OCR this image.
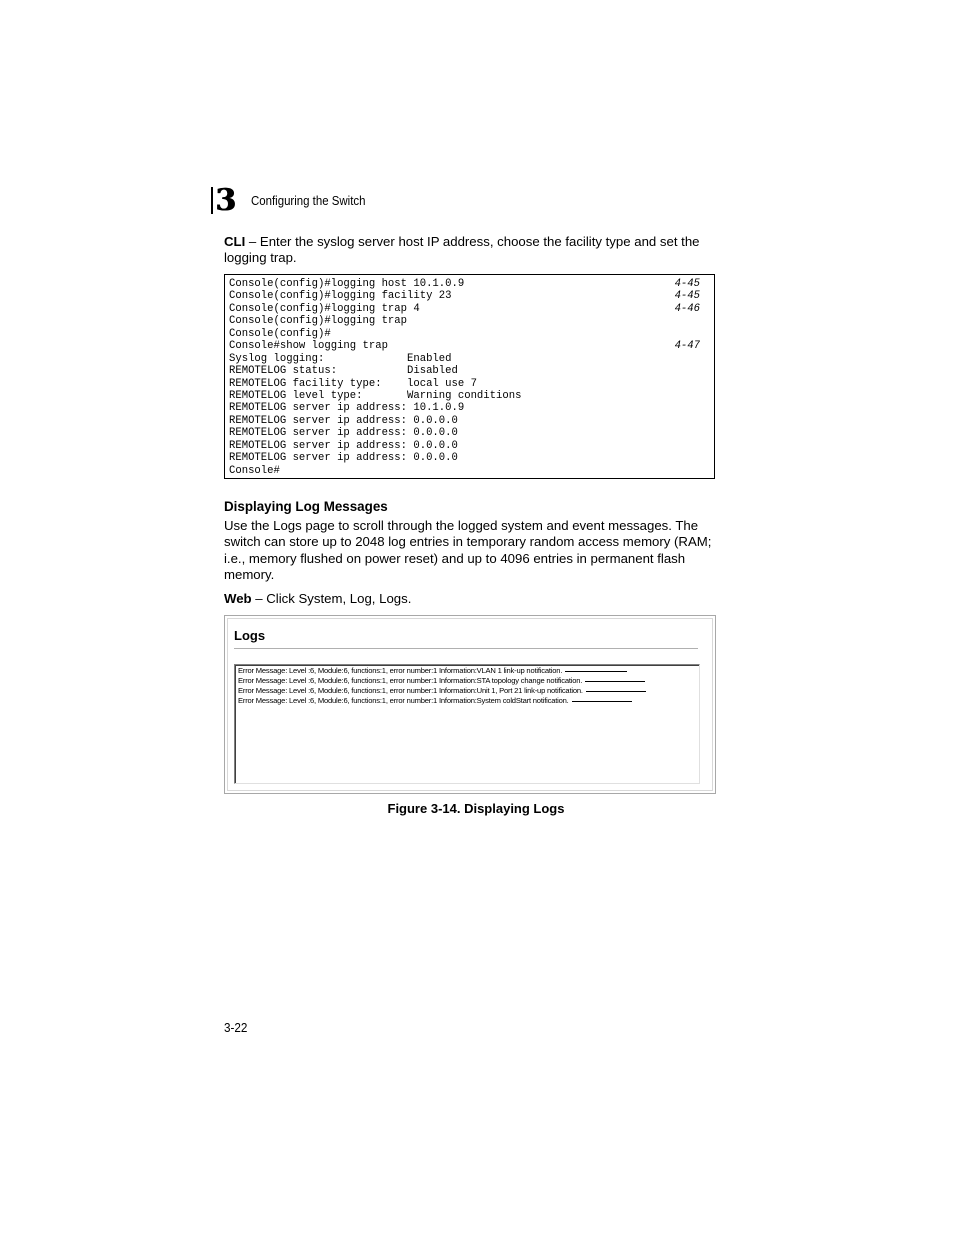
3 Configuring the Switch
CLI – Enter the syslog server host IP address, choose the facility type and set the logging trap.
Console(config)#logging host 10.1.0.9	4-45
Console(config)#logging facility 23	4-45
Console(config)#logging trap 4	4-46
Console(config)#logging trap
Console(config)#
Console#show logging trap	4-47
Syslog logging:             Enabled
REMOTELOG status:           Disabled
REMOTELOG facility type:    local use 7
REMOTELOG level type:       Warning conditions
REMOTELOG server ip address: 10.1.0.9
REMOTELOG server ip address: 0.0.0.0
REMOTELOG server ip address: 0.0.0.0
REMOTELOG server ip address: 0.0.0.0
REMOTELOG server ip address: 0.0.0.0
Console#
Displaying Log Messages
Use the Logs page to scroll through the logged system and event messages. The switch can store up to 2048 log entries in temporary random access memory (RAM; i.e., memory flushed on power reset) and up to 4096 entries in permanent flash memory.
Web – Click System, Log, Logs.
Logs
Error Message: Level :6, Module:6, functions:1, error number:1 Information:VLAN 1 link-up notification.
Error Message: Level :6, Module:6, functions:1, error number:1 Information:STA topology change notification.
Error Message: Level :6, Module:6, functions:1, error number:1 Information:Unit 1, Port 21 link-up notification.
Error Message: Level :6, Module:6, functions:1, error number:1 Information:System coldStart notification.
Figure 3-14. Displaying Logs
3-22
